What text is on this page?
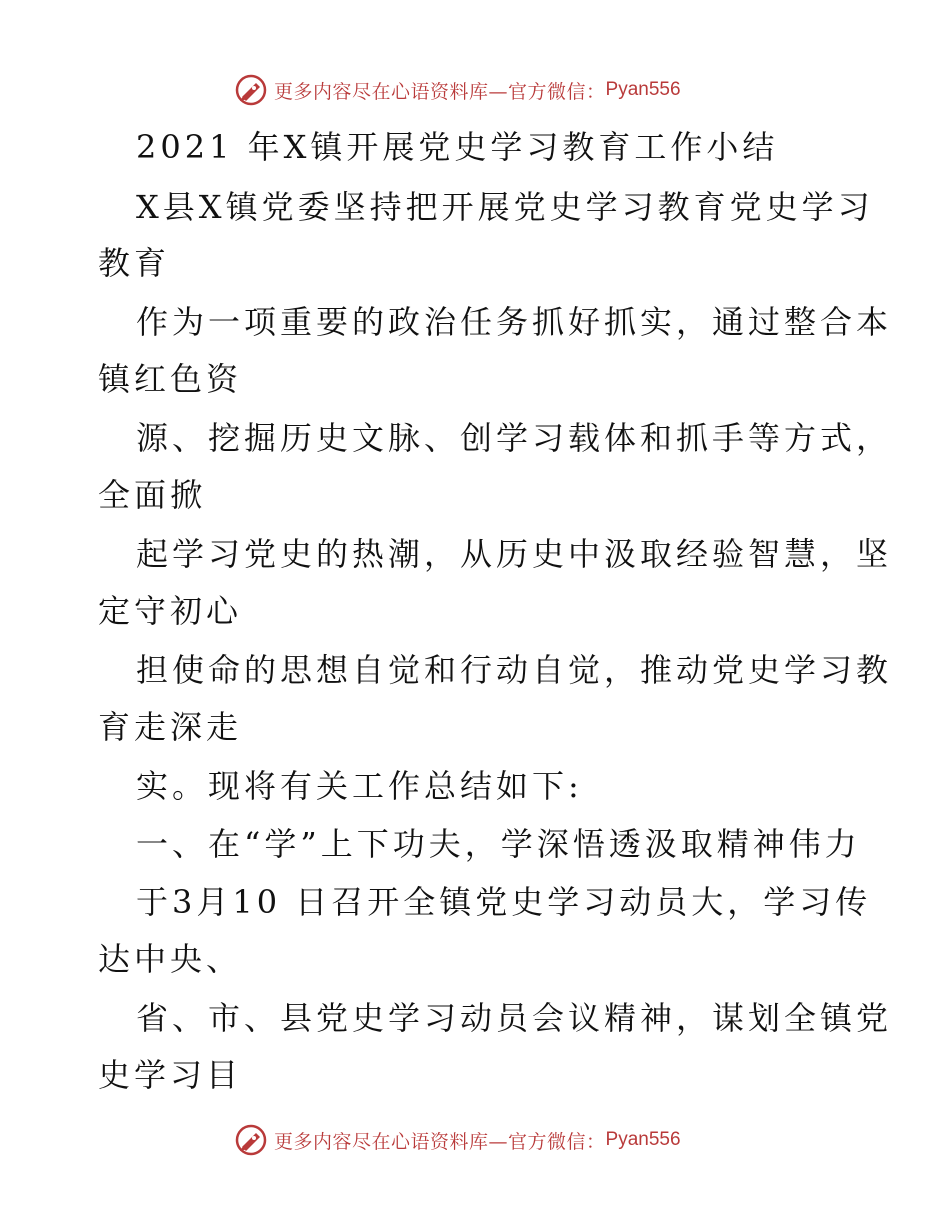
更多内容尽在心语资料库—官方微信： Pyan556
2021 年X镇开展党史学习教育工作小结
X县X镇党委坚持把开展党史学习教育党史学习
教育
作为一项重要的政治任务抓好抓实，通过整合本
镇红色资
源、挖掘历史文脉、创学习载体和抓手等方式，
全面掀
起学习党史的热潮，从历史中汲取经验智慧，坚
定守初心
担使命的思想自觉和行动自觉，推动党史学习教
育走深走
实。现将有关工作总结如下:
一、在“学”上下功夫，学深悟透汲取精神伟力
于3月10 日召开全镇党史学习动员大，学习传
达中央、
省、市、县党史学习动员会议精神，谋划全镇党
史学习目
更多内容尽在心语资料库—官方微信： Pyan556
